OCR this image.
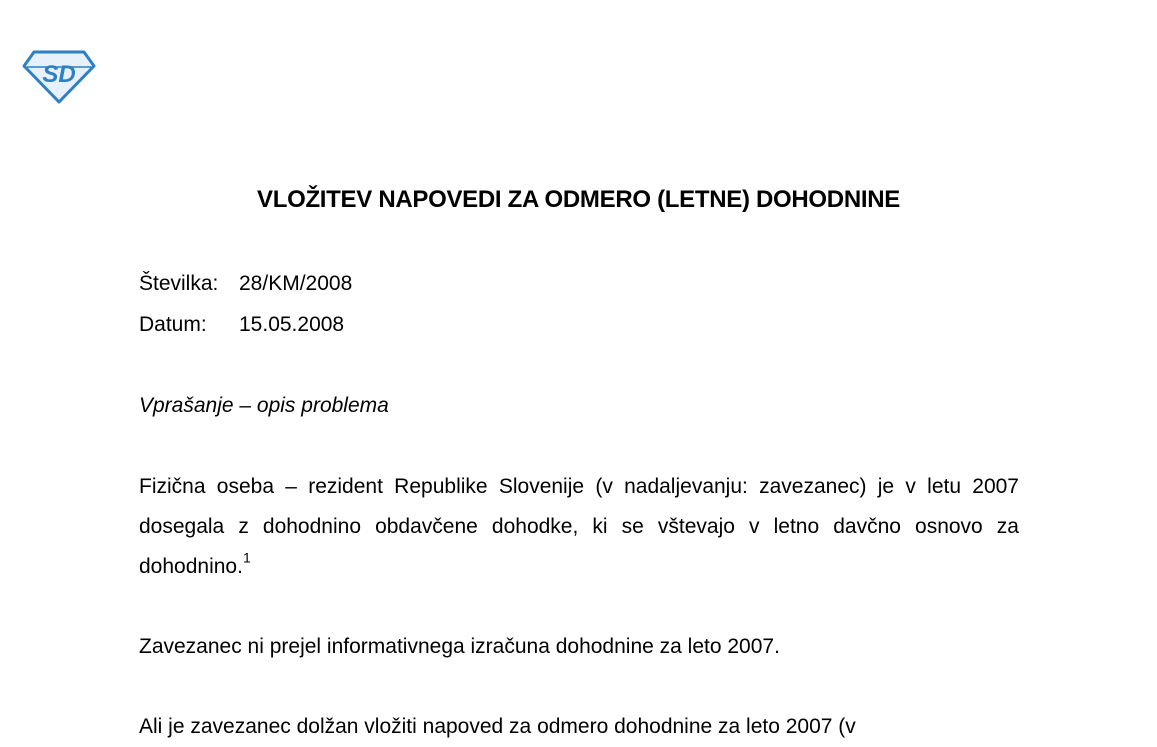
SD
VLOŽITEV NAPOVEDI ZA ODMERO (LETNE) DOHODNINE
Številka: 28/KM/2008
Datum: 15.05.2008
Vprašanje – opis problema

Fizična oseba – rezident Republike Slovenije (v nadaljevanju: zavezanec) je v letu 2007 dosegala z dohodnino obdavčene dohodke, ki se vštevajo v letno davčno osnovo za dohodnino.$^1$

Zavezanec ni prejel informativnega izračuna dohodnine za leto 2007.

Ali je zavezanec dolžan vložiti napoved za odmero dohodnine za leto 2007 (v
